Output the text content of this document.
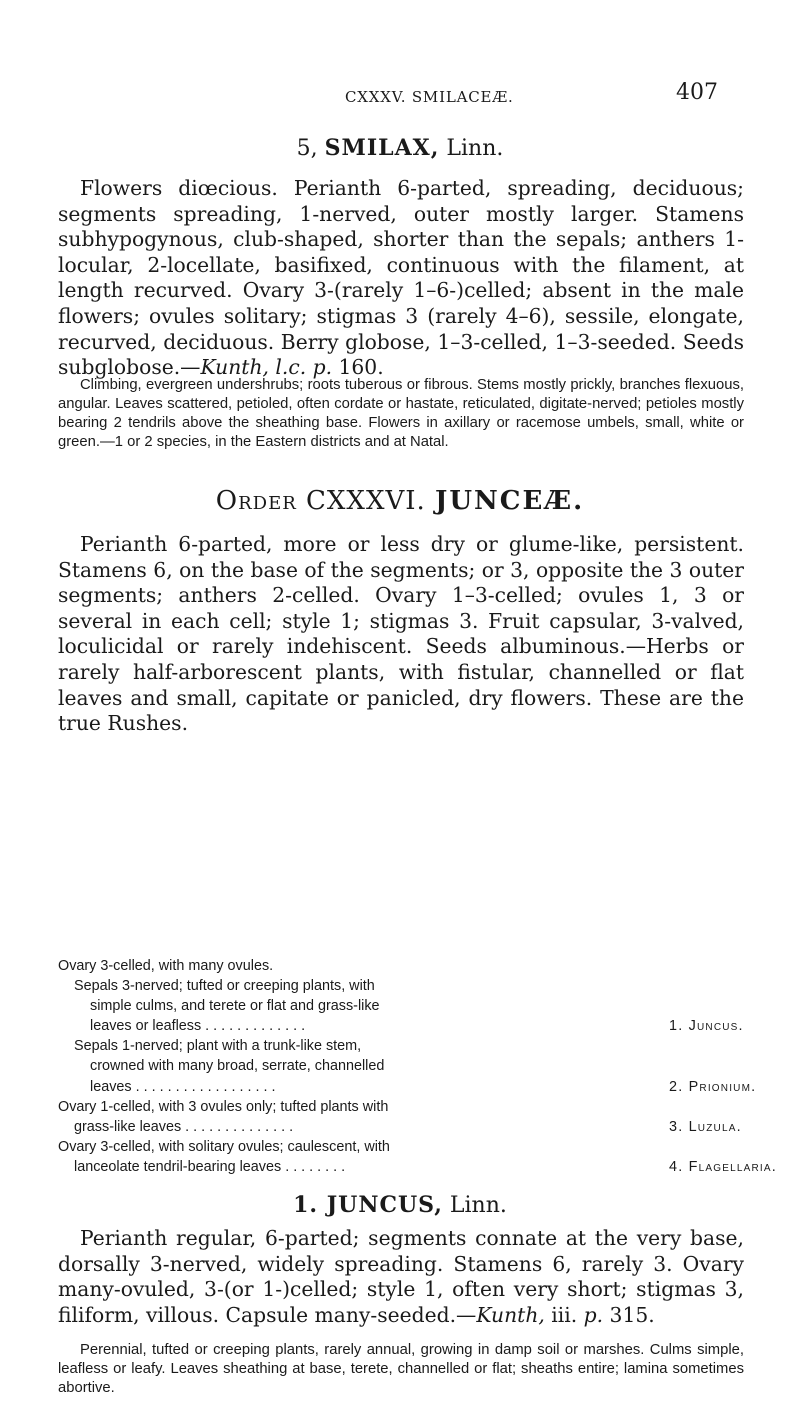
CXXXV. SMILACEÆ.	407
5, SMILAX, Linn.

Flowers diœcious. Perianth 6-parted, spreading, deciduous; segments spreading, 1-nerved, outer mostly larger. Stamens subhypogynous, club-shaped, shorter than the sepals; anthers 1-locular, 2-locellate, basifixed, continuous with the filament, at length recurved. Ovary 3-(rarely 1–6-)celled; absent in the male flowers; ovules solitary; stigmas 3 (rarely 4–6), sessile, elongate, recurved, deciduous. Berry globose, 1–3-celled, 1–3-seeded. Seeds subglobose.—Kunth, l.c. p. 160.

Climbing, evergreen undershrubs; roots tuberous or fibrous. Stems mostly prickly, branches flexuous, angular. Leaves scattered, petioled, often cordate or hastate, reticulated, digitate-nerved; petioles mostly bearing 2 tendrils above the sheathing base. Flowers in axillary or racemose umbels, small, white or green.—1 or 2 species, in the Eastern districts and at Natal.

Order CXXXVI. JUNCEÆ.

Perianth 6-parted, more or less dry or glume-like, persistent. Stamens 6, on the base of the segments; or 3, opposite the 3 outer segments; anthers 2-celled. Ovary 1–3-celled; ovules 1, 3 or several in each cell; style 1; stigmas 3. Fruit capsular, 3-valved, loculicidal or rarely indehiscent. Seeds albuminous.—Herbs or rarely half-arborescent plants, with fistular, channelled or flat leaves and small, capitate or panicled, dry flowers. These are the true Rushes.

Ovary 3-celled, with many ovules.
Sepals 3-nerved; tufted or creeping plants, with
simple culms, and terete or flat and grass-like
leaves or leafless . . . . . . . . . . . . .	1. Juncus.
Sepals 1-nerved; plant with a trunk-like stem,
crowned with many broad, serrate, channelled
leaves . . . . . . . . . . . . . . . . . .	2. Prionium.
Ovary 1-celled, with 3 ovules only; tufted plants with
grass-like leaves . . . . . . . . . . . . . .	3. Luzula.
Ovary 3-celled, with solitary ovules; caulescent, with
lanceolate tendril-bearing leaves . . . . . . . .	4. Flagellaria.
1. JUNCUS, Linn.

Perianth regular, 6-parted; segments connate at the very base, dorsally 3-nerved, widely spreading. Stamens 6, rarely 3. Ovary many-ovuled, 3-(or 1-)celled; style 1, often very short; stigmas 3, filiform, villous. Capsule many-seeded.—Kunth, iii. p. 315.

Perennial, tufted or creeping plants, rarely annual, growing in damp soil or marshes. Culms simple, leafless or leafy. Leaves sheathing at base, terete, channelled or flat; sheaths entire; lamina sometimes abortive.
